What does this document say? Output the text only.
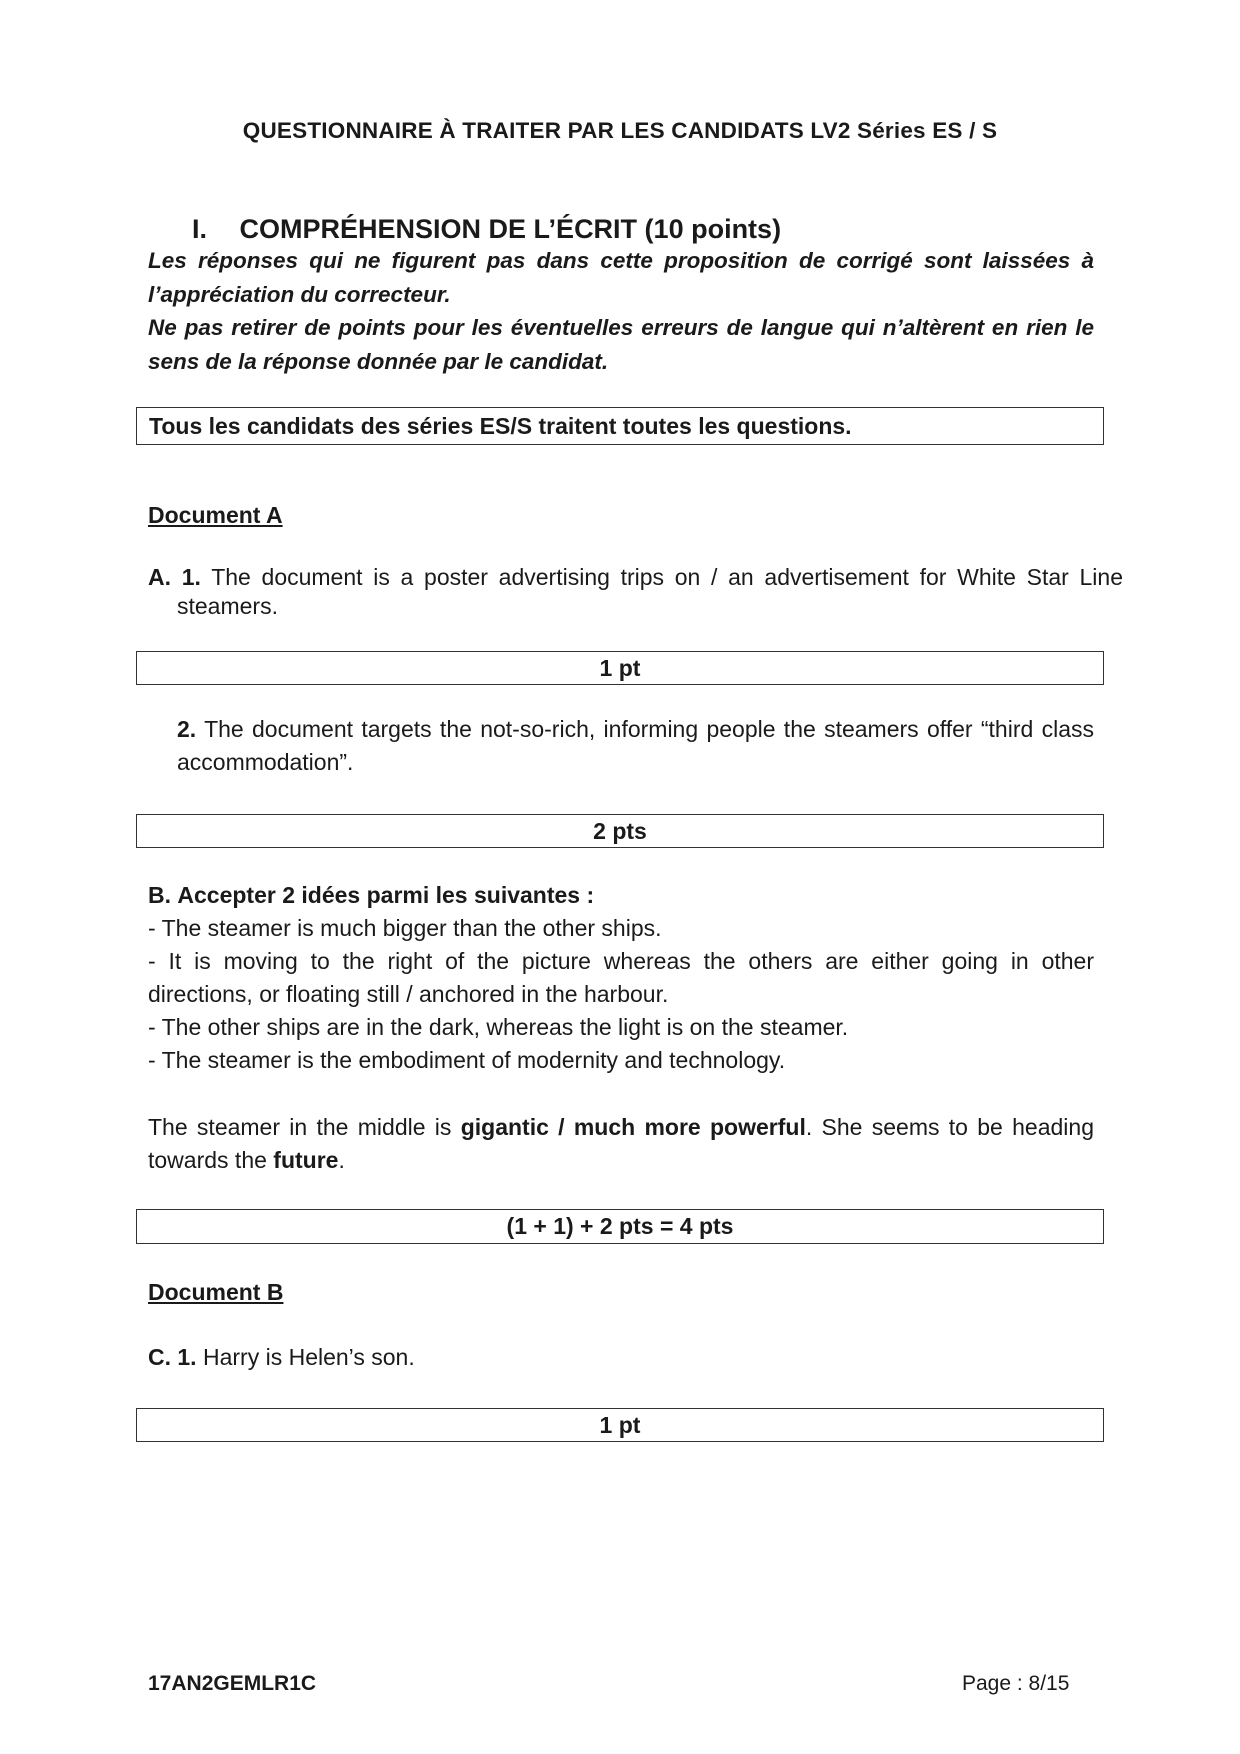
QUESTIONNAIRE À TRAITER PAR LES CANDIDATS LV2 Séries ES / S
I. COMPRÉHENSION DE L’ÉCRIT (10 points)
Les réponses qui ne figurent pas dans cette proposition de corrigé sont laissées à l’appréciation du correcteur.
Ne pas retirer de points pour les éventuelles erreurs de langue qui n’altèrent en rien le sens de la réponse donnée par le candidat.
Tous les candidats des séries ES/S traitent toutes les questions.
Document A
A. 1. The document is a poster advertising trips on / an advertisement for White Star Line steamers.
1 pt
2. The document targets the not-so-rich, informing people the steamers offer “third class accommodation”.
2 pts
B. Accepter 2 idées parmi les suivantes :
- The steamer is much bigger than the other ships.
- It is moving to the right of the picture whereas the others are either going in other directions, or floating still / anchored in the harbour.
- The other ships are in the dark, whereas the light is on the steamer.
- The steamer is the embodiment of modernity and technology.
The steamer in the middle is gigantic / much more powerful. She seems to be heading towards the future.
(1 + 1) + 2 pts = 4 pts
Document B
C. 1. Harry is Helen’s son.
1 pt
17AN2GEMLR1C	Page : 8/15
